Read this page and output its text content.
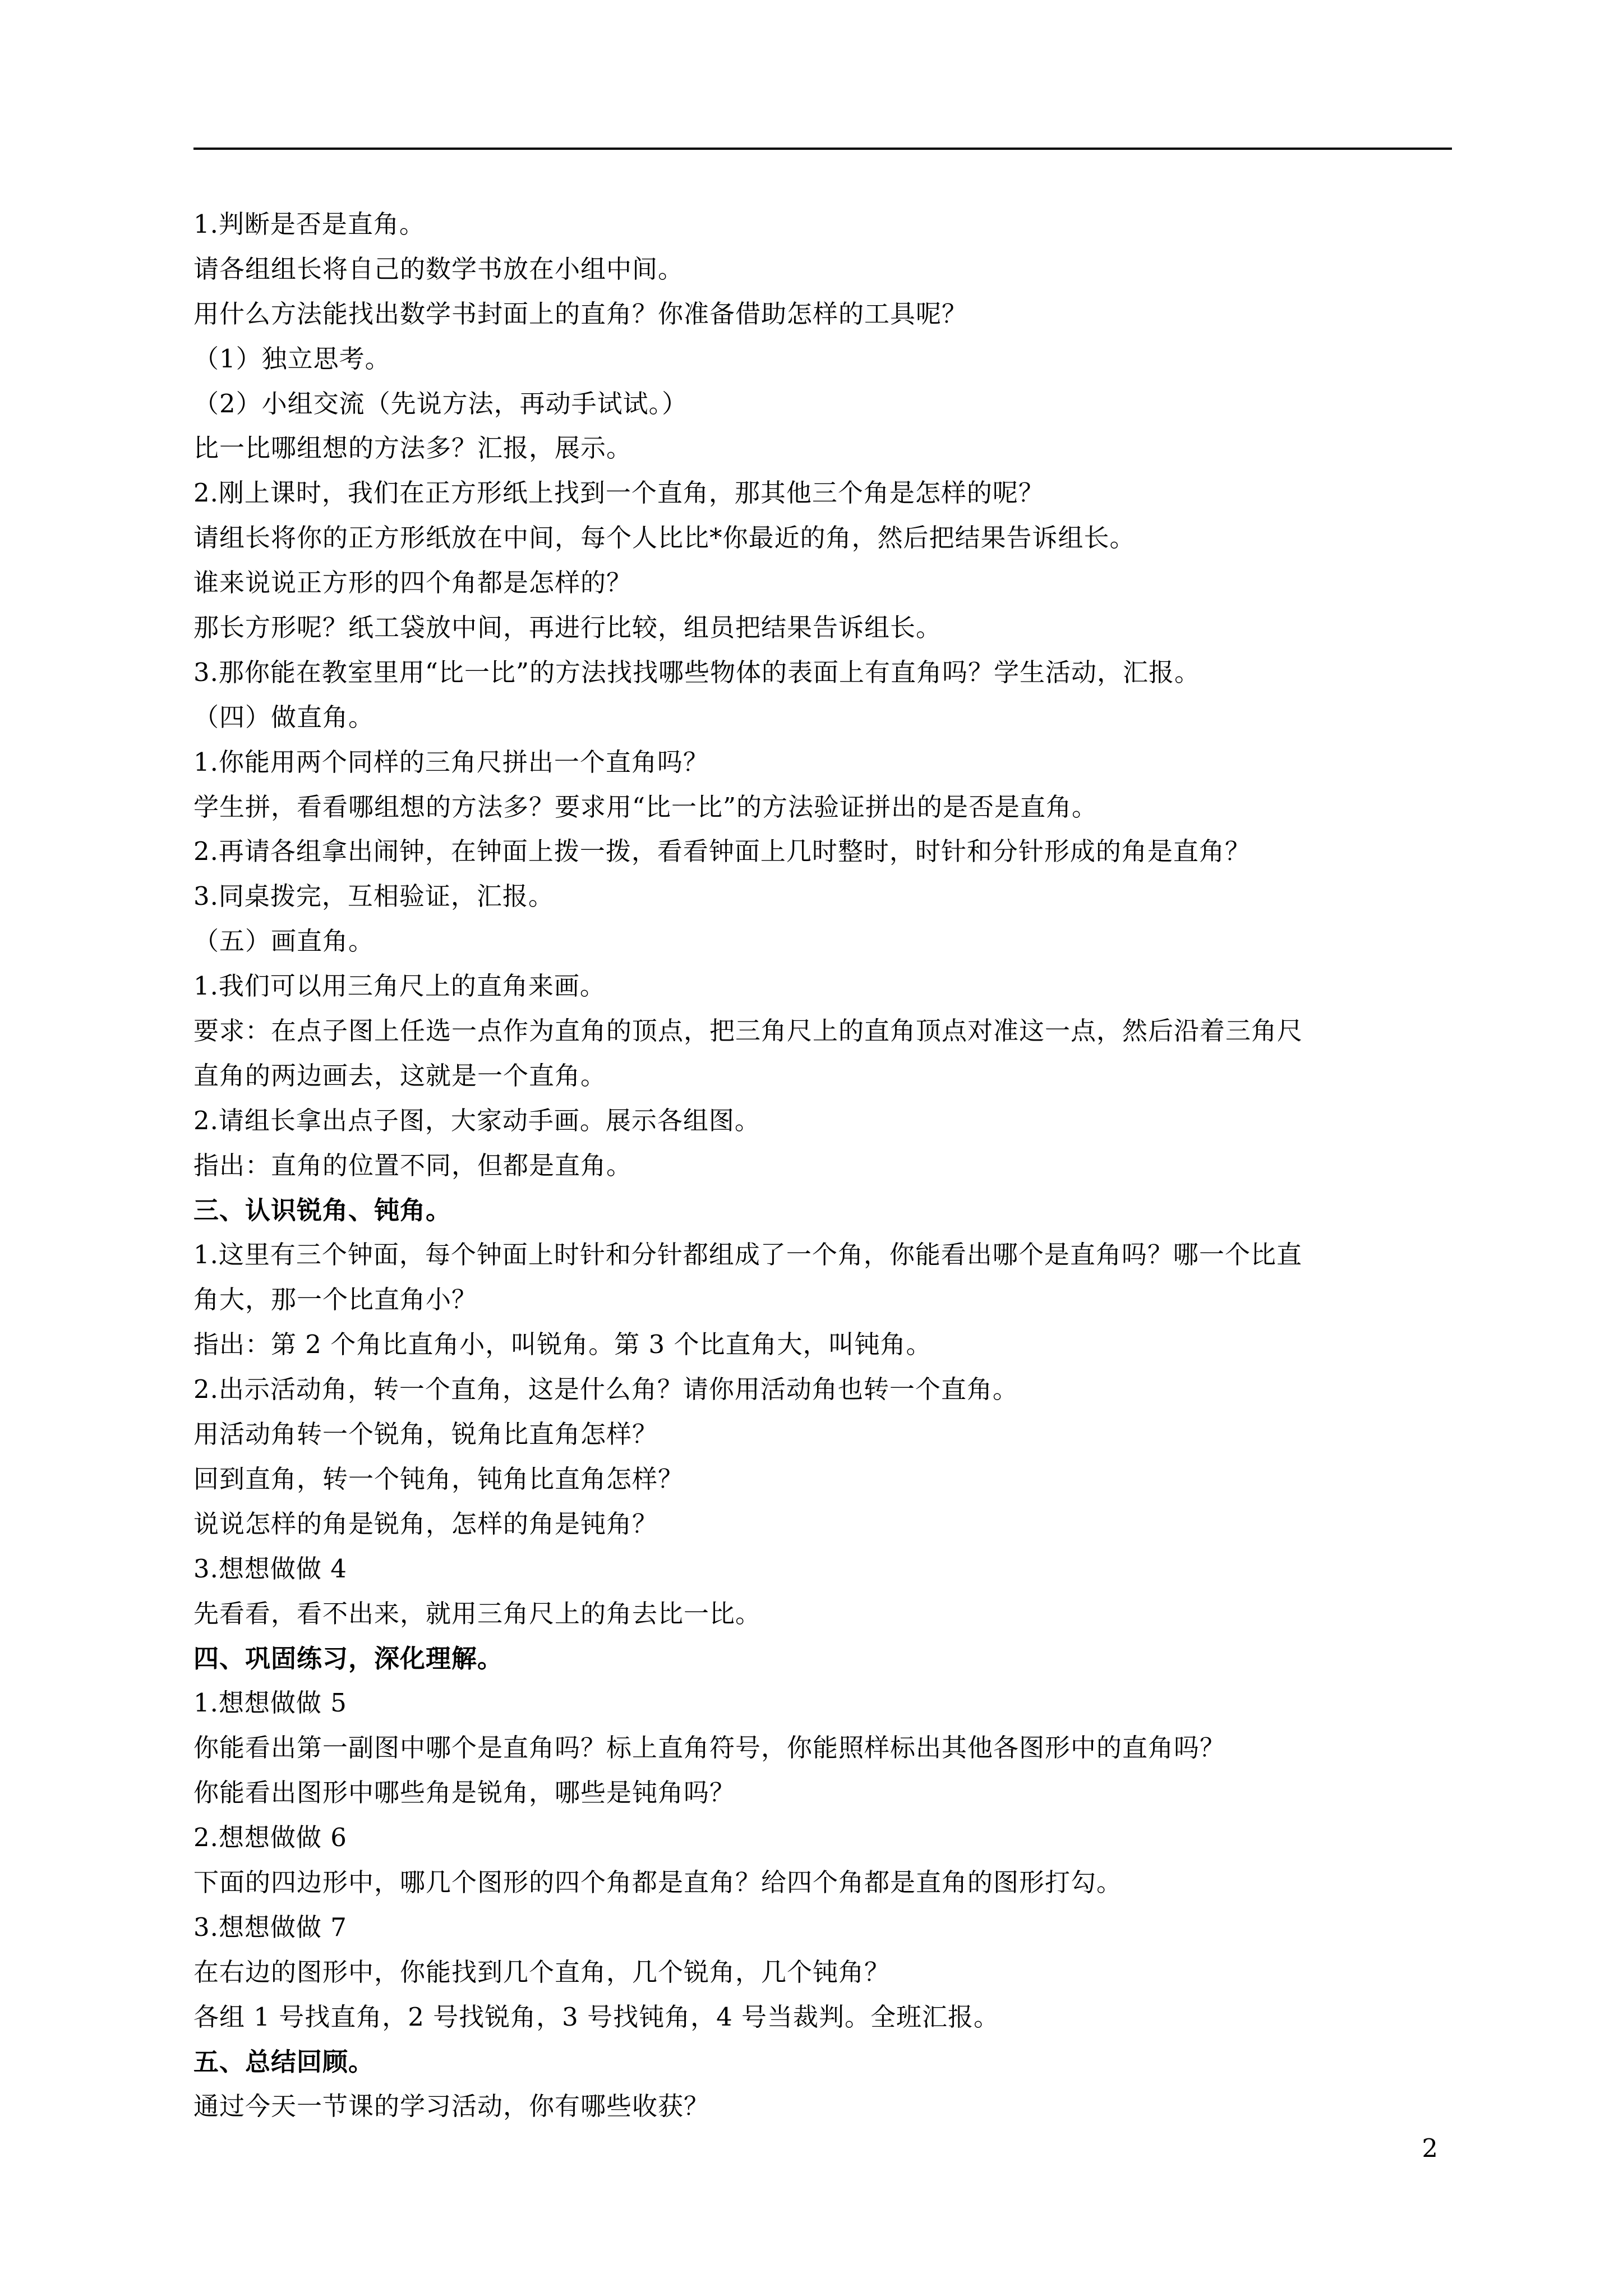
1.判断是否是直角。
请各组组长将自己的数学书放在小组中间。
用什么方法能找出数学书封面上的直角？你准备借助怎样的工具呢？
（1）独立思考。
（2）小组交流（先说方法，再动手试试。）
比一比哪组想的方法多？汇报，展示。
2.刚上课时，我们在正方形纸上找到一个直角，那其他三个角是怎样的呢？
请组长将你的正方形纸放在中间，每个人比比*你最近的角，然后把结果告诉组长。
谁来说说正方形的四个角都是怎样的？
那长方形呢？纸工袋放中间，再进行比较，组员把结果告诉组长。
3.那你能在教室里用“比一比”的方法找找哪些物体的表面上有直角吗？学生活动，汇报。
（四）做直角。
1.你能用两个同样的三角尺拼出一个直角吗？
学生拼，看看哪组想的方法多？要求用“比一比”的方法验证拼出的是否是直角。
2.再请各组拿出闹钟，在钟面上拨一拨，看看钟面上几时整时，时针和分针形成的角是直角？
3.同桌拨完，互相验证，汇报。
（五）画直角。
1.我们可以用三角尺上的直角来画。
要求：在点子图上任选一点作为直角的顶点，把三角尺上的直角顶点对准这一点，然后沿着三角尺
直角的两边画去，这就是一个直角。
2.请组长拿出点子图，大家动手画。展示各组图。
指出：直角的位置不同，但都是直角。
三、认识锐角、钝角。
1.这里有三个钟面，每个钟面上时针和分针都组成了一个角，你能看出哪个是直角吗？哪一个比直
角大，那一个比直角小？
指出：第 2 个角比直角小，叫锐角。第 3 个比直角大，叫钝角。
2.出示活动角，转一个直角，这是什么角？请你用活动角也转一个直角。
用活动角转一个锐角，锐角比直角怎样？
回到直角，转一个钝角，钝角比直角怎样？
说说怎样的角是锐角，怎样的角是钝角？
3.想想做做 4
先看看，看不出来，就用三角尺上的角去比一比。
四、巩固练习，深化理解。
1.想想做做 5
你能看出第一副图中哪个是直角吗？标上直角符号，你能照样标出其他各图形中的直角吗？
你能看出图形中哪些角是锐角，哪些是钝角吗？
2.想想做做 6
下面的四边形中，哪几个图形的四个角都是直角？给四个角都是直角的图形打勾。
3.想想做做 7
在右边的图形中，你能找到几个直角，几个锐角，几个钝角？
各组 1 号找直角，2 号找锐角，3 号找钝角，4 号当裁判。全班汇报。
五、总结回顾。
通过今天一节课的学习活动，你有哪些收获？
2
